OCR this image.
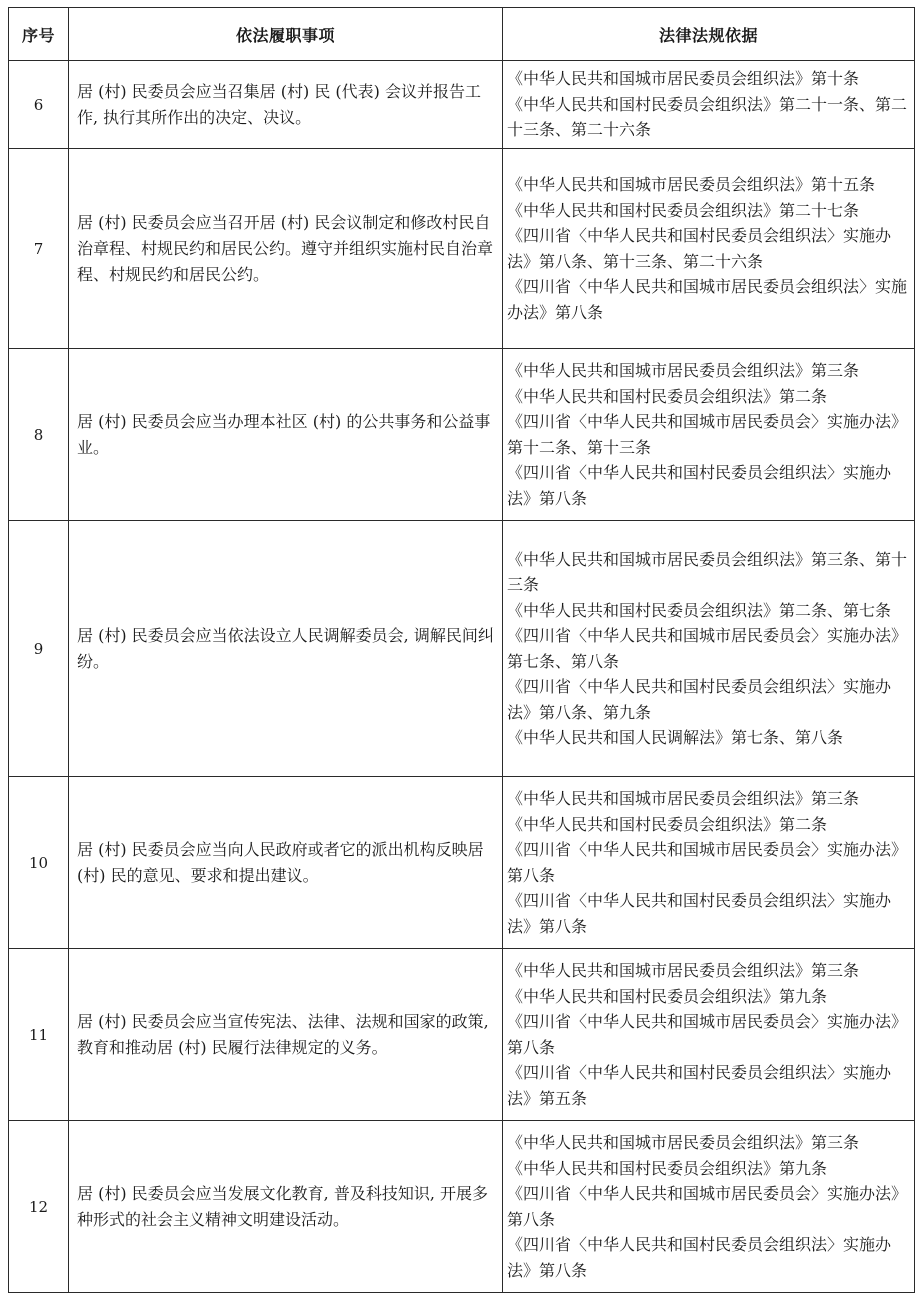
序号	依法履职事项	法律法规依据
6	居 (村) 民委员会应当召集居 (村) 民 (代表) 会议并报告工作, 执行其所作出的决定、决议。	《中华人民共和国城市居民委员会组织法》第十条
《中华人民共和国村民委员会组织法》第二十一条、第二十三条、第二十六条

7	居 (村) 民委员会应当召开居 (村) 民会议制定和修改村民自治章程、村规民约和居民公约。遵守并组织实施村民自治章程、村规民约和居民公约。	《中华人民共和国城市居民委员会组织法》第十五条
《中华人民共和国村民委员会组织法》第二十七条
《四川省〈中华人民共和国村民委员会组织法〉实施办法》第八条、第十三条、第二十六条
《四川省〈中华人民共和国城市居民委员会组织法〉实施办法》第八条

8	居 (村) 民委员会应当办理本社区 (村) 的公共事务和公益事业。	《中华人民共和国城市居民委员会组织法》第三条
《中华人民共和国村民委员会组织法》第二条
《四川省〈中华人民共和国城市居民委员会〉实施办法》第十二条、第十三条
《四川省〈中华人民共和国村民委员会组织法〉实施办法》第八条

9	居 (村) 民委员会应当依法设立人民调解委员会, 调解民间纠纷。	《中华人民共和国城市居民委员会组织法》第三条、第十三条
《中华人民共和国村民委员会组织法》第二条、第七条
《四川省〈中华人民共和国城市居民委员会〉实施办法》第七条、第八条
《四川省〈中华人民共和国村民委员会组织法〉实施办法》第八条、第九条
《中华人民共和国人民调解法》第七条、第八条

10	居 (村) 民委员会应当向人民政府或者它的派出机构反映居 (村) 民的意见、要求和提出建议。	《中华人民共和国城市居民委员会组织法》第三条
《中华人民共和国村民委员会组织法》第二条
《四川省〈中华人民共和国城市居民委员会〉实施办法》第八条
《四川省〈中华人民共和国村民委员会组织法〉实施办法》第八条

11	居 (村) 民委员会应当宣传宪法、法律、法规和国家的政策, 教育和推动居 (村) 民履行法律规定的义务。	《中华人民共和国城市居民委员会组织法》第三条
《中华人民共和国村民委员会组织法》第九条
《四川省〈中华人民共和国城市居民委员会〉实施办法》第八条
《四川省〈中华人民共和国村民委员会组织法〉实施办法》第五条

12	居 (村) 民委员会应当发展文化教育, 普及科技知识, 开展多种形式的社会主义精神文明建设活动。	《中华人民共和国城市居民委员会组织法》第三条
《中华人民共和国村民委员会组织法》第九条
《四川省〈中华人民共和国城市居民委员会〉实施办法》第八条
《四川省〈中华人民共和国村民委员会组织法〉实施办法》第八条
